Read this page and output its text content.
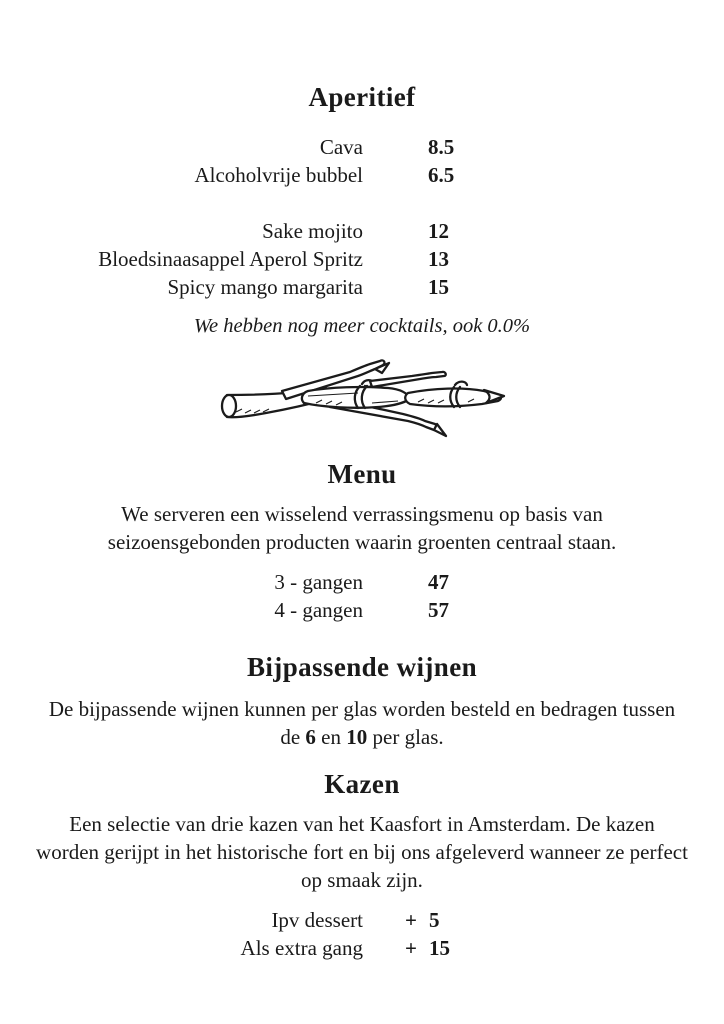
Aperitief
Cava	8.5
Alcoholvrije bubbel	6.5
Sake mojito	12
Bloedsinaasappel Aperol Spritz	13
Spicy mango margarita	15

We hebben nog meer cocktails, ook 0.0%

Menu

We serveren een wisselend verrassingsmenu op basis van seizoensgebonden producten waarin groenten centraal staan.

3 - gangen	47
4 - gangen	57
Bijpassende wijnen

De bijpassende wijnen kunnen per glas worden besteld en bedragen tussen de 6 en 10 per glas.

Kazen

Een selectie van drie kazen van het Kaasfort in Amsterdam. De kazen worden gerijpt in het historische fort en bij ons afgeleverd wanneer ze perfect op smaak zijn.

Ipv dessert + 5
Als extra gang + 15
